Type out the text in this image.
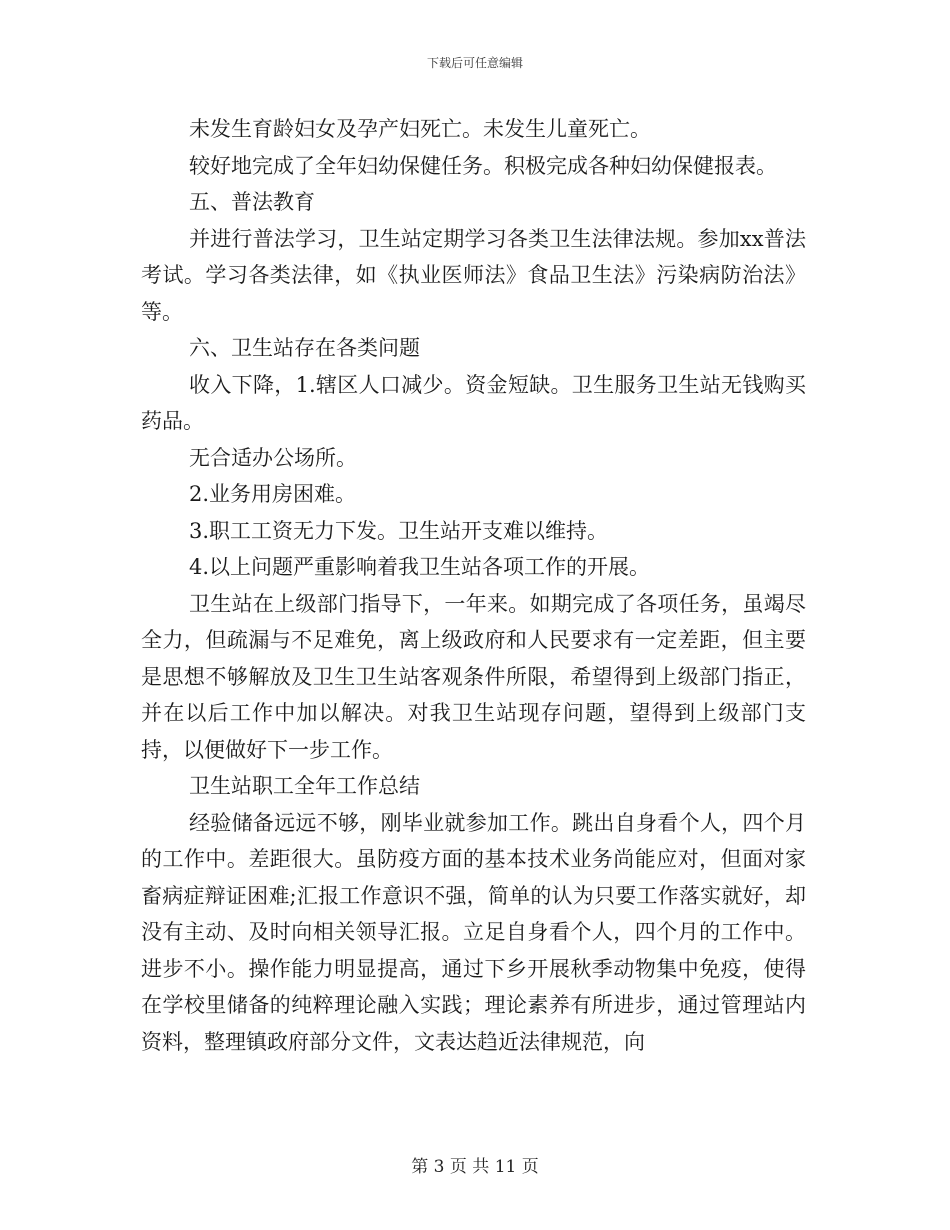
下载后可任意编辑

未发生育龄妇女及孕产妇死亡。未发生儿童死亡。

较好地完成了全年妇幼保健任务。积极完成各种妇幼保健报表。

五、普法教育

并进行普法学习，卫生站定期学习各类卫生法律法规。参加xx普法考试。学习各类法律，如《执业医师法》食品卫生法》污染病防治法》等。

六、卫生站存在各类问题

收入下降，1.辖区人口减少。资金短缺。卫生服务卫生站无钱购买药品。

无合适办公场所。

2.业务用房困难。

3.职工工资无力下发。卫生站开支难以维持。

4.以上问题严重影响着我卫生站各项工作的开展。

卫生站在上级部门指导下，一年来。如期完成了各项任务，虽竭尽全力，但疏漏与不足难免，离上级政府和人民要求有一定差距，但主要是思想不够解放及卫生卫生站客观条件所限，希望得到上级部门指正，并在以后工作中加以解决。对我卫生站现存问题，望得到上级部门支持，以便做好下一步工作。

卫生站职工全年工作总结

经验储备远远不够，刚毕业就参加工作。跳出自身看个人，四个月的工作中。差距很大。虽防疫方面的基本技术业务尚能应对，但面对家畜病症辩证困难;汇报工作意识不强，简单的认为只要工作落实就好，却没有主动、及时向相关领导汇报。立足自身看个人，四个月的工作中。进步不小。操作能力明显提高，通过下乡开展秋季动物集中免疫，使得在学校里储备的纯粹理论融入实践；理论素养有所进步，通过管理站内资料，整理镇政府部分文件，文表达趋近法律规范，向

第 3 页 共 11 页
